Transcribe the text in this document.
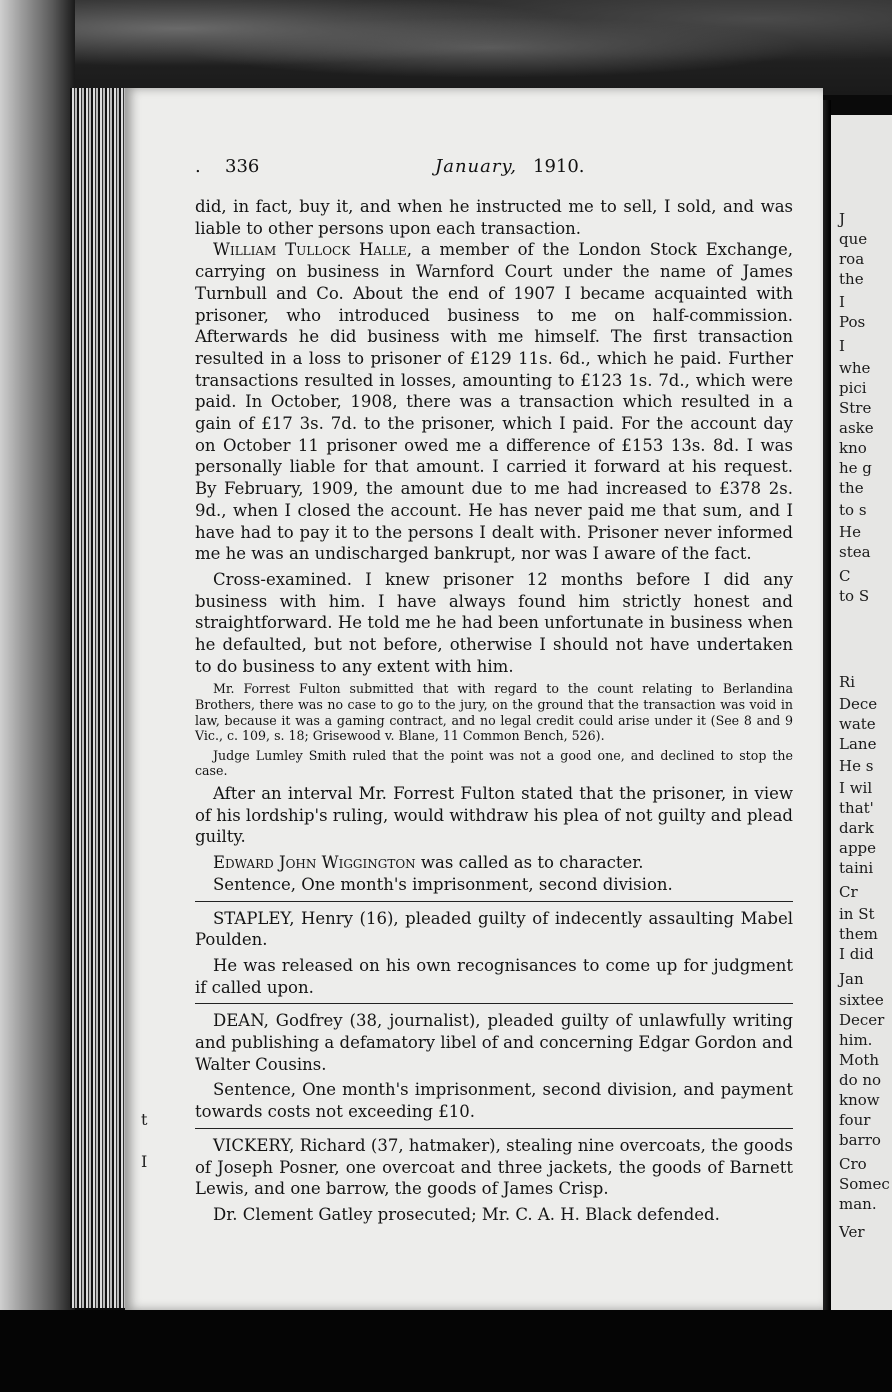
J
que
roa
the
I
Pos
I
whe
pici
Stre
aske
kno
he g
the
to s
He
stea
C
to S
Ri
Dece
wate
Lane
He s
I wil
that'
dark
appe
taini
Cr
in St
them
I did
Jan
sixtee
Decer
him.
Moth
do no
know
four
barro
Cro
Somec
man.
Ver
. 336	January, 1910.
t
I

did, in fact, buy it, and when he instructed me to sell, I sold, and was liable to other persons upon each transaction.

William Tullock Halle, a member of the London Stock Exchange, carrying on business in Warnford Court under the name of James Turnbull and Co. About the end of 1907 I became acquainted with prisoner, who introduced business to me on half-commission. Afterwards he did business with me himself. The first transaction resulted in a loss to prisoner of £129 11s. 6d., which he paid. Further transactions resulted in losses, amounting to £123 1s. 7d., which were paid. In October, 1908, there was a transaction which resulted in a gain of £17 3s. 7d. to the prisoner, which I paid. For the account day on October 11 prisoner owed me a difference of £153 13s. 8d. I was personally liable for that amount. I carried it forward at his request. By February, 1909, the amount due to me had increased to £378 2s. 9d., when I closed the account. He has never paid me that sum, and I have had to pay it to the persons I dealt with. Prisoner never informed me he was an undischarged bankrupt, nor was I aware of the fact.

Cross-examined. I knew prisoner 12 months before I did any business with him. I have always found him strictly honest and straightforward. He told me he had been unfortunate in business when he defaulted, but not before, otherwise I should not have undertaken to do business to any extent with him.

Mr. Forrest Fulton submitted that with regard to the count relating to Berlandina Brothers, there was no case to go to the jury, on the ground that the transaction was void in law, because it was a gaming contract, and no legal credit could arise under it (See 8 and 9 Vic., c. 109, s. 18; Grisewood v. Blane, 11 Common Bench, 526).

Judge Lumley Smith ruled that the point was not a good one, and declined to stop the case.

After an interval Mr. Forrest Fulton stated that the prisoner, in view of his lordship's ruling, would withdraw his plea of not guilty and plead guilty.

Edward John Wiggington was called as to character.

Sentence, One month's imprisonment, second division.

STAPLEY, Henry (16), pleaded guilty of indecently assaulting Mabel Poulden.

He was released on his own recognisances to come up for judgment if called upon.

DEAN, Godfrey (38, journalist), pleaded guilty of unlawfully writing and publishing a defamatory libel of and concerning Edgar Gordon and Walter Cousins.

Sentence, One month's imprisonment, second division, and payment towards costs not exceeding £10.

VICKERY, Richard (37, hatmaker), stealing nine overcoats, the goods of Joseph Posner, one overcoat and three jackets, the goods of Barnett Lewis, and one barrow, the goods of James Crisp.

Dr. Clement Gatley prosecuted; Mr. C. A. H. Black defended.
